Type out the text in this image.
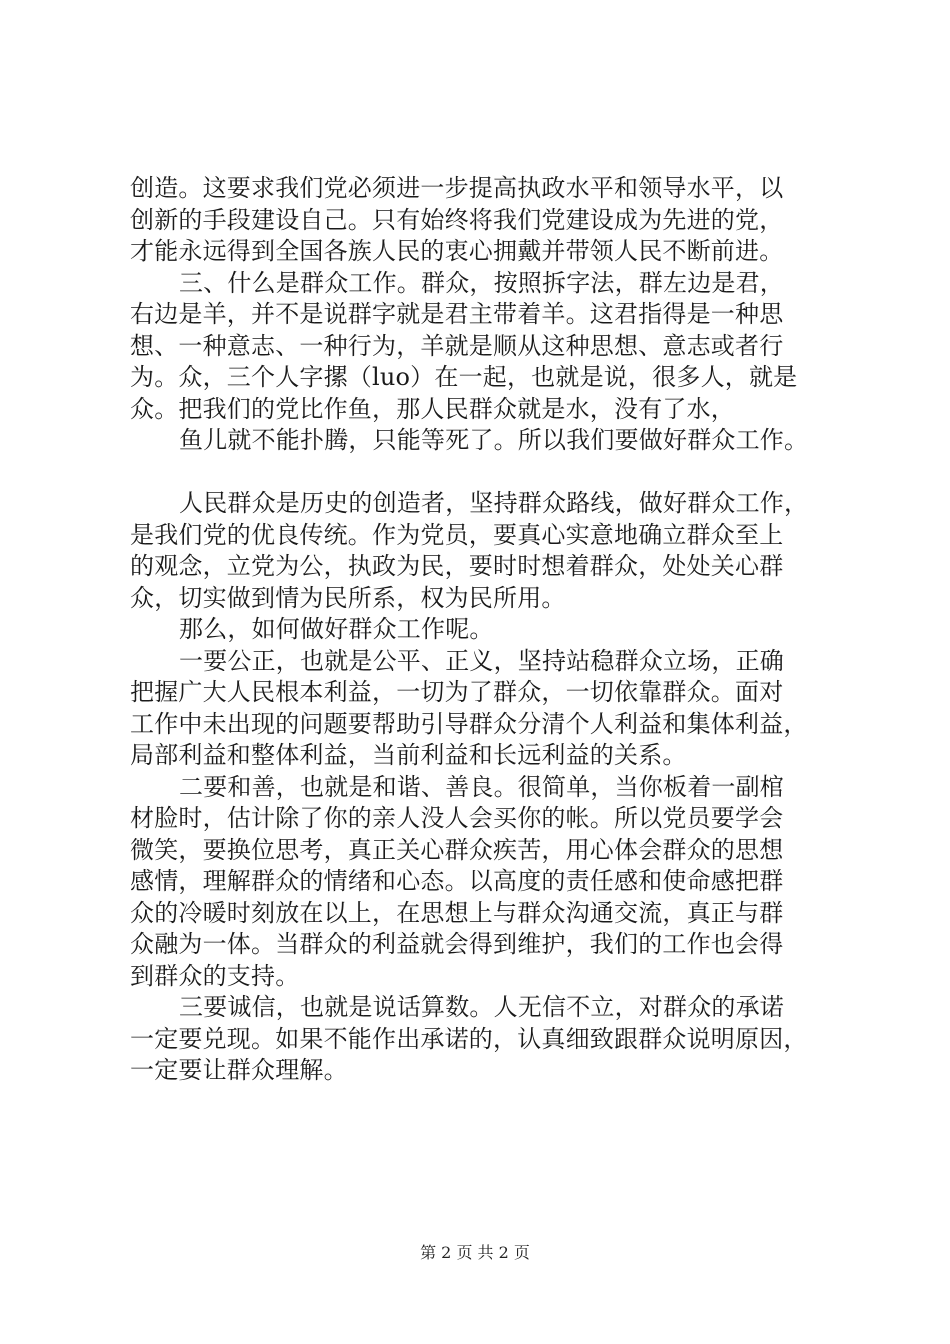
创造。这要求我们党必须进一步提高执政水平和领导水平，以
创新的手段建设自己。只有始终将我们党建设成为先进的党，
才能永远得到全国各族人民的衷心拥戴并带领人民不断前进。
三、什么是群众工作。群众，按照拆字法，群左边是君，
右边是羊，并不是说群字就是君主带着羊。这君指得是一种思
想、一种意志、一种行为，羊就是顺从这种思想、意志或者行
为。众，三个人字摞（luo）在一起，也就是说，很多人，就是
众。把我们的党比作鱼，那人民群众就是水，没有了水，
鱼儿就不能扑腾，只能等死了。所以我们要做好群众工作。
人民群众是历史的创造者，坚持群众路线，做好群众工作，
是我们党的优良传统。作为党员，要真心实意地确立群众至上
的观念，立党为公，执政为民，要时时想着群众，处处关心群
众，切实做到情为民所系，权为民所用。
那么，如何做好群众工作呢。
一要公正，也就是公平、正义，坚持站稳群众立场，正确
把握广大人民根本利益，一切为了群众，一切依靠群众。面对
工作中未出现的问题要帮助引导群众分清个人利益和集体利益，
局部利益和整体利益，当前利益和长远利益的关系。
二要和善，也就是和谐、善良。很简单，当你板着一副棺
材脸时，估计除了你的亲人没人会买你的帐。所以党员要学会
微笑，要换位思考，真正关心群众疾苦，用心体会群众的思想
感情，理解群众的情绪和心态。以高度的责任感和使命感把群
众的冷暖时刻放在以上，在思想上与群众沟通交流，真正与群
众融为一体。当群众的利益就会得到维护，我们的工作也会得
到群众的支持。
三要诚信，也就是说话算数。人无信不立，对群众的承诺
一定要兑现。如果不能作出承诺的，认真细致跟群众说明原因，
一定要让群众理解。
第 2 页 共 2 页
